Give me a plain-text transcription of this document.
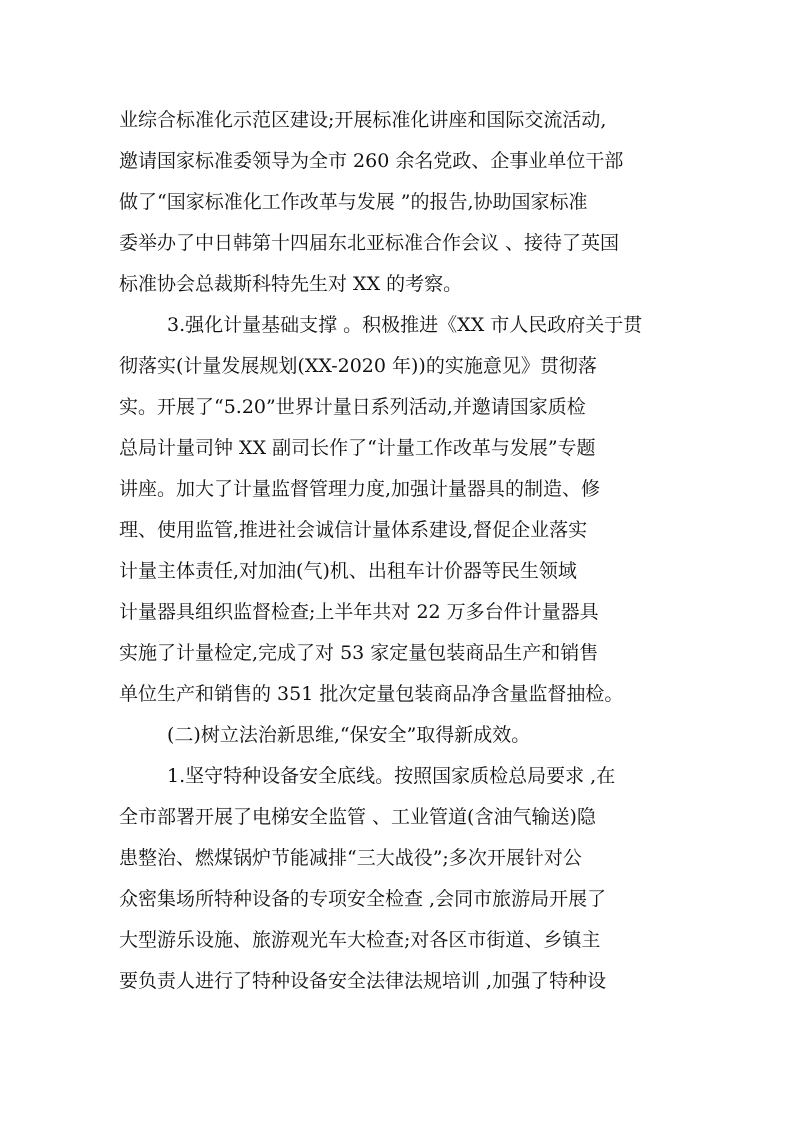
业综合标准化示范区建设;开展标准化讲座和国际交流活动,
邀请国家标准委领导为全市 260 余名党政、企事业单位干部
做了“国家标准化工作改革与发展 ”的报告,协助国家标准
委举办了中日韩第十四届东北亚标准合作会议 、接待了英国
标准协会总裁斯科特先生对 XX 的考察。
3.强化计量基础支撑 。积极推进《XX 市人民政府关于贯
彻落实(计量发展规划(XX-2020 年))的实施意见》贯彻落
实。开展了“5.20”世界计量日系列活动,并邀请国家质检
总局计量司钟 XX 副司长作了“计量工作改革与发展”专题
讲座。加大了计量监督管理力度,加强计量器具的制造、修
理、使用监管,推进社会诚信计量体系建设,督促企业落实
计量主体责任,对加油(气)机、出租车计价器等民生领域
计量器具组织监督检查;上半年共对 22 万多台件计量器具
实施了计量检定,完成了对 53 家定量包装商品生产和销售
单位生产和销售的 351 批次定量包装商品净含量监督抽检。
(二)树立法治新思维,“保安全”取得新成效。
1.坚守特种设备安全底线。按照国家质检总局要求 ,在
全市部署开展了电梯安全监管 、工业管道(含油气输送)隐
患整治、燃煤锅炉节能减排“三大战役”;多次开展针对公
众密集场所特种设备的专项安全检查 ,会同市旅游局开展了
大型游乐设施、旅游观光车大检查;对各区市街道、乡镇主
要负责人进行了特种设备安全法律法规培训 ,加强了特种设
